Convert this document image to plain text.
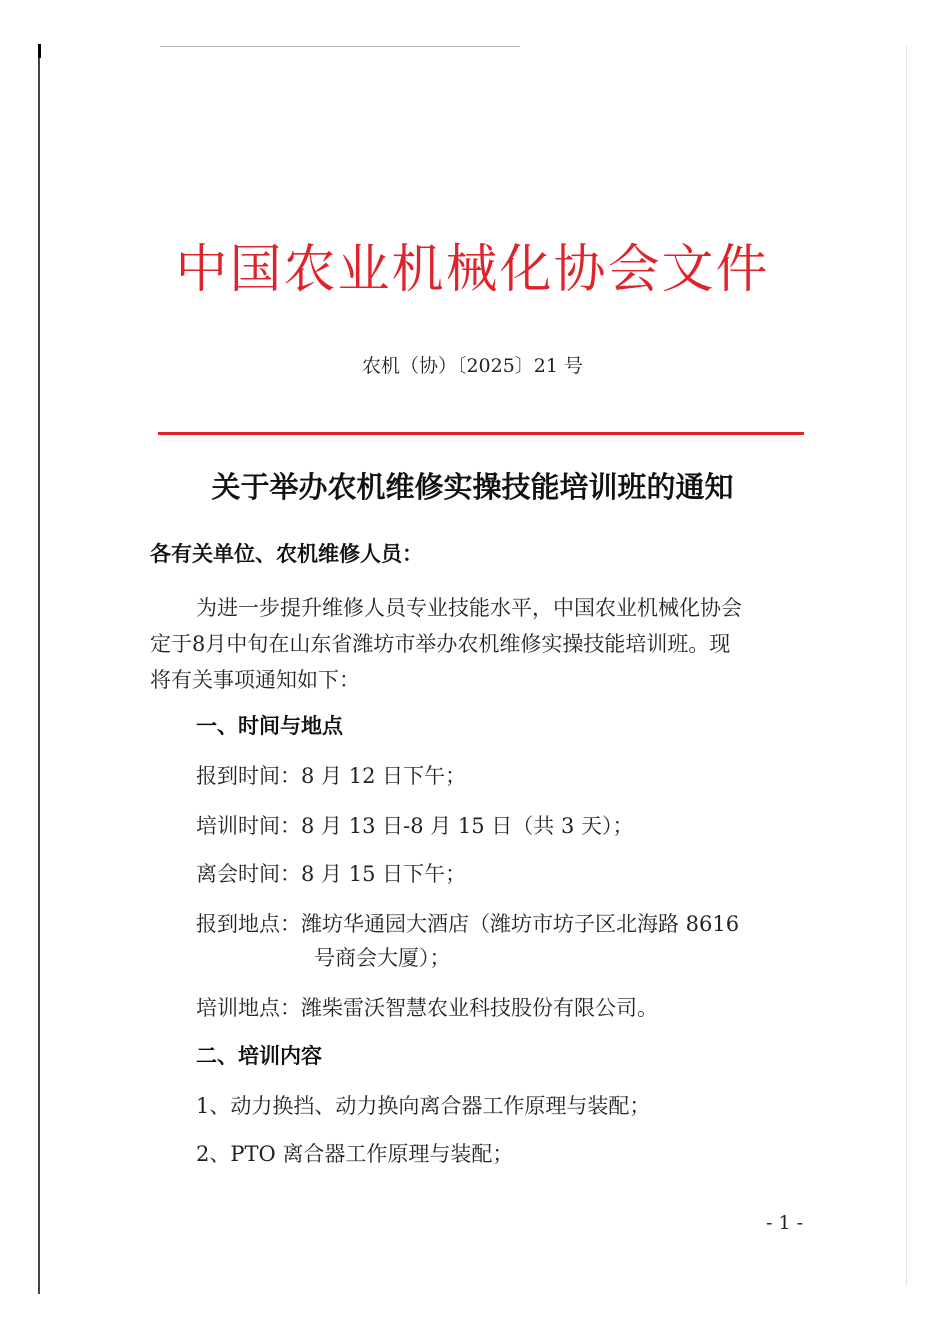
中国农业机械化协会文件
农机（协）〔2025〕21 号
关于举办农机维修实操技能培训班的通知
各有关单位、农机维修人员：
为进一步提升维修人员专业技能水平，中国农业机械化协会
定于8月中旬在山东省潍坊市举办农机维修实操技能培训班。现
将有关事项通知如下：
一、时间与地点
报到时间：8 月 12 日下午；
培训时间：8 月 13 日-8 月 15 日（共 3 天）；
离会时间：8 月 15 日下午；
报到地点：潍坊华通园大酒店（潍坊市坊子区北海路 8616
号商会大厦）；
培训地点：潍柴雷沃智慧农业科技股份有限公司。
二、培训内容
1、动力换挡、动力换向离合器工作原理与装配；
2、PTO 离合器工作原理与装配；
- 1 -
